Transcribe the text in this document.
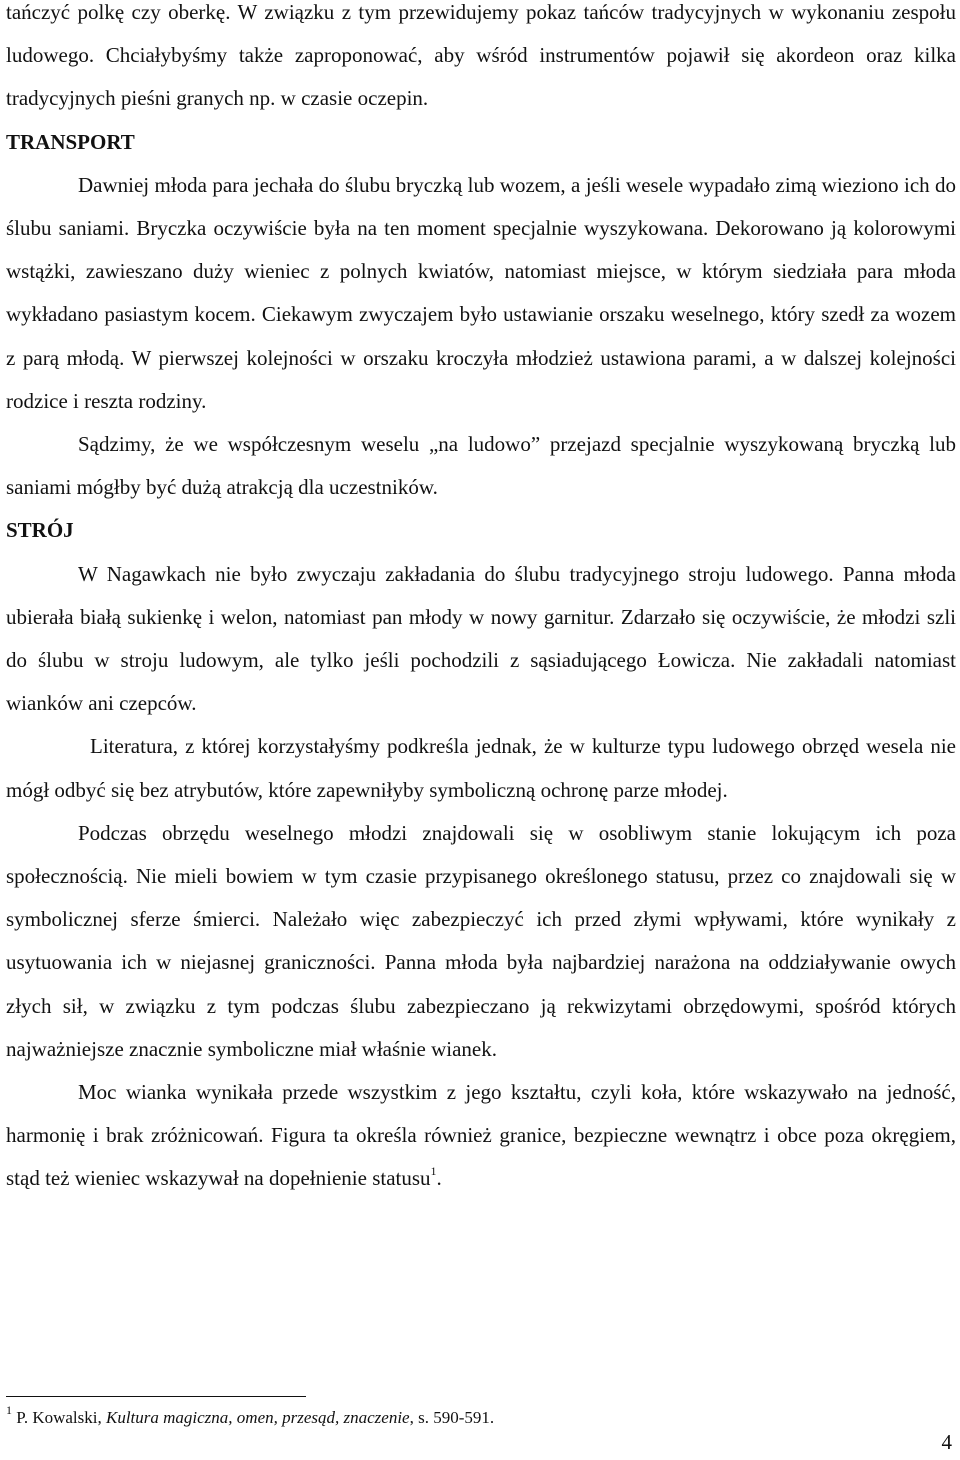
tańczyć polkę czy oberkę. W związku z tym przewidujemy pokaz tańców tradycyjnych w wykonaniu zespołu ludowego. Chciałybyśmy także zaproponować, aby wśród instrumentów pojawił się akordeon oraz kilka tradycyjnych pieśni granych np. w czasie oczepin.

TRANSPORT

Dawniej młoda para jechała do ślubu bryczką lub wozem, a jeśli wesele wypadało zimą wieziono ich do ślubu saniami. Bryczka oczywiście była na ten moment specjalnie wyszykowana. Dekorowano ją kolorowymi wstążki, zawieszano duży wieniec z polnych kwiatów, natomiast miejsce, w którym siedziała para młoda wykładano pasiastym kocem. Ciekawym zwyczajem było ustawianie orszaku weselnego, który szedł za wozem z parą młodą. W pierwszej kolejności w orszaku kroczyła młodzież ustawiona parami, a w dalszej kolejności rodzice i reszta rodziny.

Sądzimy, że we współczesnym weselu „na ludowo” przejazd specjalnie wyszykowaną bryczką lub saniami mógłby być dużą atrakcją dla uczestników.

STRÓJ

W Nagawkach nie było zwyczaju zakładania do ślubu tradycyjnego stroju ludowego. Panna młoda ubierała białą sukienkę i welon, natomiast pan młody w nowy garnitur. Zdarzało się oczywiście, że młodzi szli do ślubu w stroju ludowym, ale tylko jeśli pochodzili z sąsiadującego Łowicza. Nie zakładali natomiast wianków ani czepców.

Literatura, z której korzystałyśmy podkreśla jednak, że w kulturze typu ludowego obrzęd wesela nie mógł odbyć się bez atrybutów, które zapewniłyby symboliczną ochronę parze młodej.

Podczas obrzędu weselnego młodzi znajdowali się w osobliwym stanie lokującym ich poza społecznością. Nie mieli bowiem w tym czasie przypisanego określonego statusu, przez co znajdowali się w symbolicznej sferze śmierci. Należało więc zabezpieczyć ich przed złymi wpływami, które wynikały z usytuowania ich w niejasnej graniczności. Panna młoda była najbardziej narażona na oddziaływanie owych złych sił, w związku z tym podczas ślubu zabezpieczano ją rekwizytami obrzędowymi, spośród których najważniejsze znacznie symboliczne miał właśnie wianek.

Moc wianka wynikała przede wszystkim z jego kształtu, czyli koła, które wskazywało na jedność, harmonię i brak zróżnicowań. Figura ta określa również granice, bezpieczne wewnątrz i obce poza okręgiem, stąd też wieniec wskazywał na dopełnienie statusu$^1$.

$^1$ P. Kowalski, Kultura magiczna, omen, przesąd, znaczenie, s. 590-591.
4
